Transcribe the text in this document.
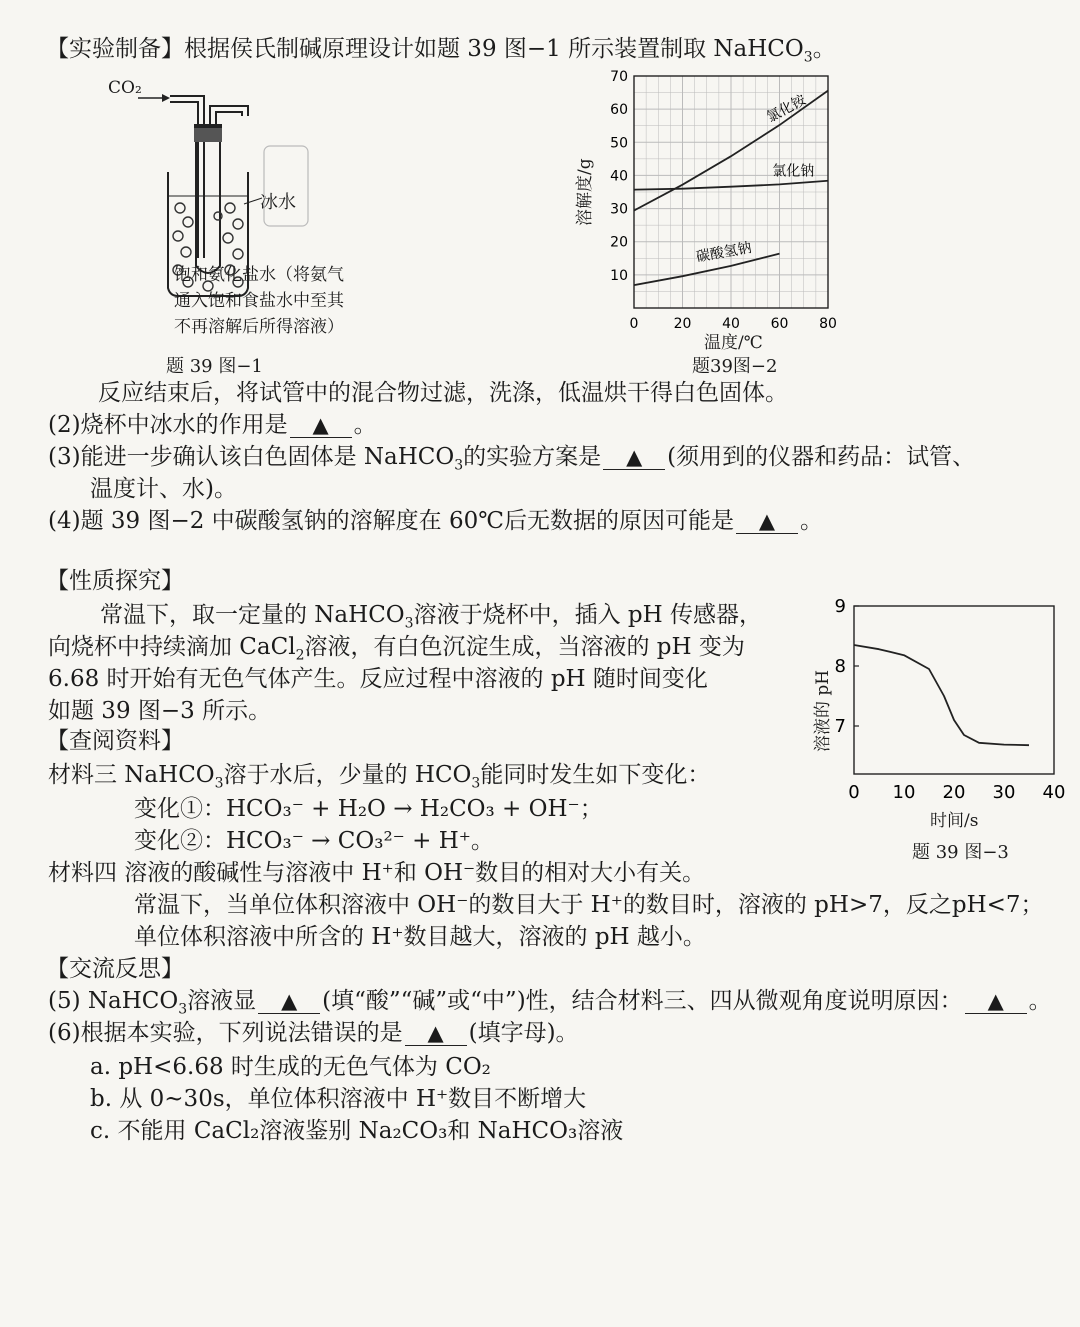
【实验制备】根据侯氏制碱原理设计如题 39 图−1 所示装置制取 NaHCO$_3$。
CO₂
冰水
饱和氨化盐水（将氨气
通入饱和食盐水中至其
不再溶解后所得溶液）
题 39 图−1
10
20
30
40
50
60
70
0	20 40 60 80
氯化铵
氯化钠
碳酸氢钠
溶解度/g
温度/℃
题39图−2
反应结束后，将试管中的混合物过滤，洗涤，低温烘干得白色固体。
(2)烧杯中冰水的作用是 ▲ 。
(3)能进一步确认该白色固体是 NaHCO$_3$的实验方案是 ▲ (须用到的仪器和药品：试管、
温度计、水)。
(4)题 39 图−2 中碳酸氢钠的溶解度在 60℃后无数据的原因可能是 ▲ 。
【性质探究】
常温下，取一定量的 NaHCO$_3$溶液于烧杯中，插入 pH 传感器，
向烧杯中持续滴加 CaCl$_2$溶液，有白色沉淀生成，当溶液的 pH 变为
6.68 时开始有无色气体产生。反应过程中溶液的 pH 随时间变化
如题 39 图−3 所示。
7
8
9
0 10 20 30 40
溶液的 pH
时间/s
题 39 图−3
【查阅资料】
材料三 NaHCO$_3$溶于水后，少量的 $HCO_3$能同时发生如下变化：
变化①：HCO₃⁻ + H₂O → H₂CO₃ + OH⁻；
变化②：HCO₃⁻ → CO₃²⁻ + H⁺。
材料四 溶液的酸碱性与溶液中 H⁺和 OH⁻数目的相对大小有关。
常温下，当单位体积溶液中 OH⁻的数目大于 H⁺的数目时，溶液的 pH>7，反之pH<7；
单位体积溶液中所含的 H⁺数目越大，溶液的 pH 越小。
【交流反思】
(5) NaHCO$_3$溶液显 ▲ (填“酸”“碱”或“中”)性，结合材料三、四从微观角度说明原因： ▲ 。
(6)根据本实验，下列说法错误的是 ▲ (填字母)。
a. pH<6.68 时生成的无色气体为 CO₂
b. 从 0~30s，单位体积溶液中 H⁺数目不断增大
c. 不能用 CaCl₂溶液鉴别 Na₂CO₃和 NaHCO₃溶液
